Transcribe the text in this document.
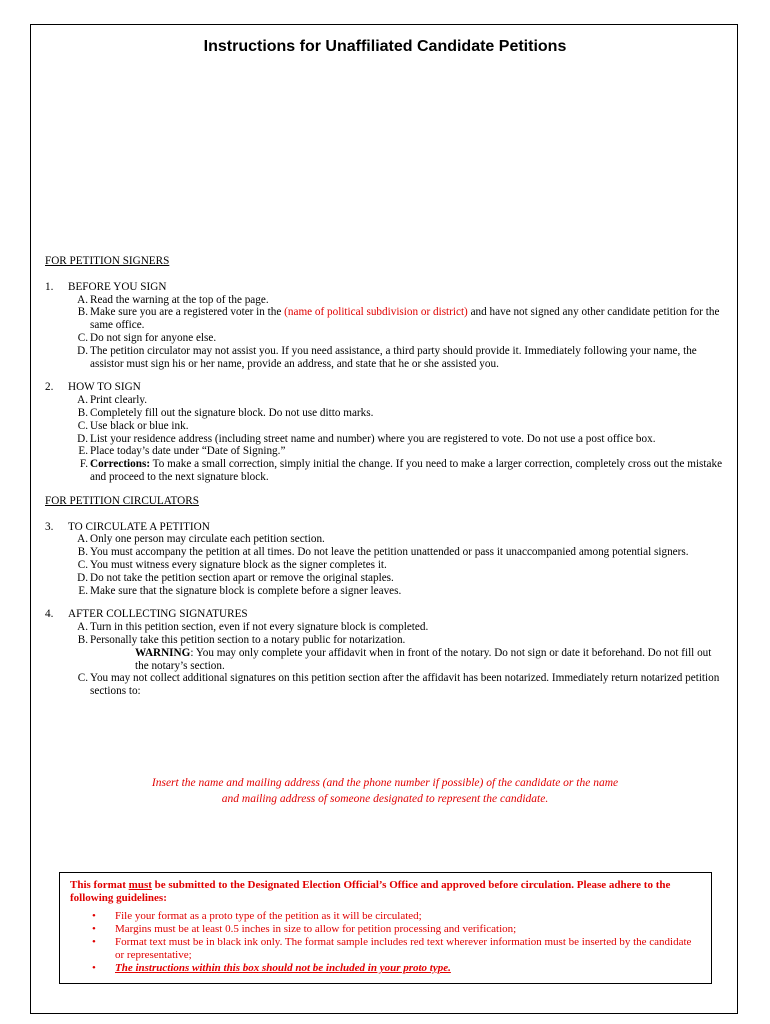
Instructions for Unaffiliated Candidate Petitions

FOR PETITION SIGNERS

1. BEFORE YOU SIGN
A. Read the warning at the top of the page.
B. Make sure you are a registered voter in the (name of political subdivision or district) and have not signed any other candidate petition for the same office.
C. Do not sign for anyone else.
D. The petition circulator may not assist you. If you need assistance, a third party should provide it. Immediately following your name, the assistor must sign his or her name, provide an address, and state that he or she assisted you.
2. HOW TO SIGN
A. Print clearly.
B. Completely fill out the signature block. Do not use ditto marks.
C. Use black or blue ink.
D. List your residence address (including street name and number) where you are registered to vote. Do not use a post office box.
E. Place today’s date under “Date of Signing.”
F. Corrections: To make a small correction, simply initial the change. If you need to make a larger correction, completely cross out the mistake and proceed to the next signature block.

FOR PETITION CIRCULATORS

3. TO CIRCULATE A PETITION
A. Only one person may circulate each petition section.
B. You must accompany the petition at all times. Do not leave the petition unattended or pass it unaccompanied among potential signers.
C. You must witness every signature block as the signer completes it.
D. Do not take the petition section apart or remove the original staples.
E. Make sure that the signature block is complete before a signer leaves.
4. AFTER COLLECTING SIGNATURES
A. Turn in this petition section, even if not every signature block is completed.
B. Personally take this petition section to a notary public for notarization.
WARNING: You may only complete your affidavit when in front of the notary. Do not sign or date it beforehand. Do not fill out the notary’s section.
C. You may not collect additional signatures on this petition section after the affidavit has been notarized. Immediately return notarized petition sections to:
Insert the name and mailing address (and the phone number if possible) of the candidate or the name
and mailing address of someone designated to represent the candidate.
This format must be submitted to the Designated Election Official’s Office and approved before circulation. Please adhere to the following guidelines:
• File your format as a proto type of the petition as it will be circulated;
• Margins must be at least 0.5 inches in size to allow for petition processing and verification;
• Format text must be in black ink only. The format sample includes red text wherever information must be inserted by the candidate or representative;
• The instructions within this box should not be included in your proto type.
